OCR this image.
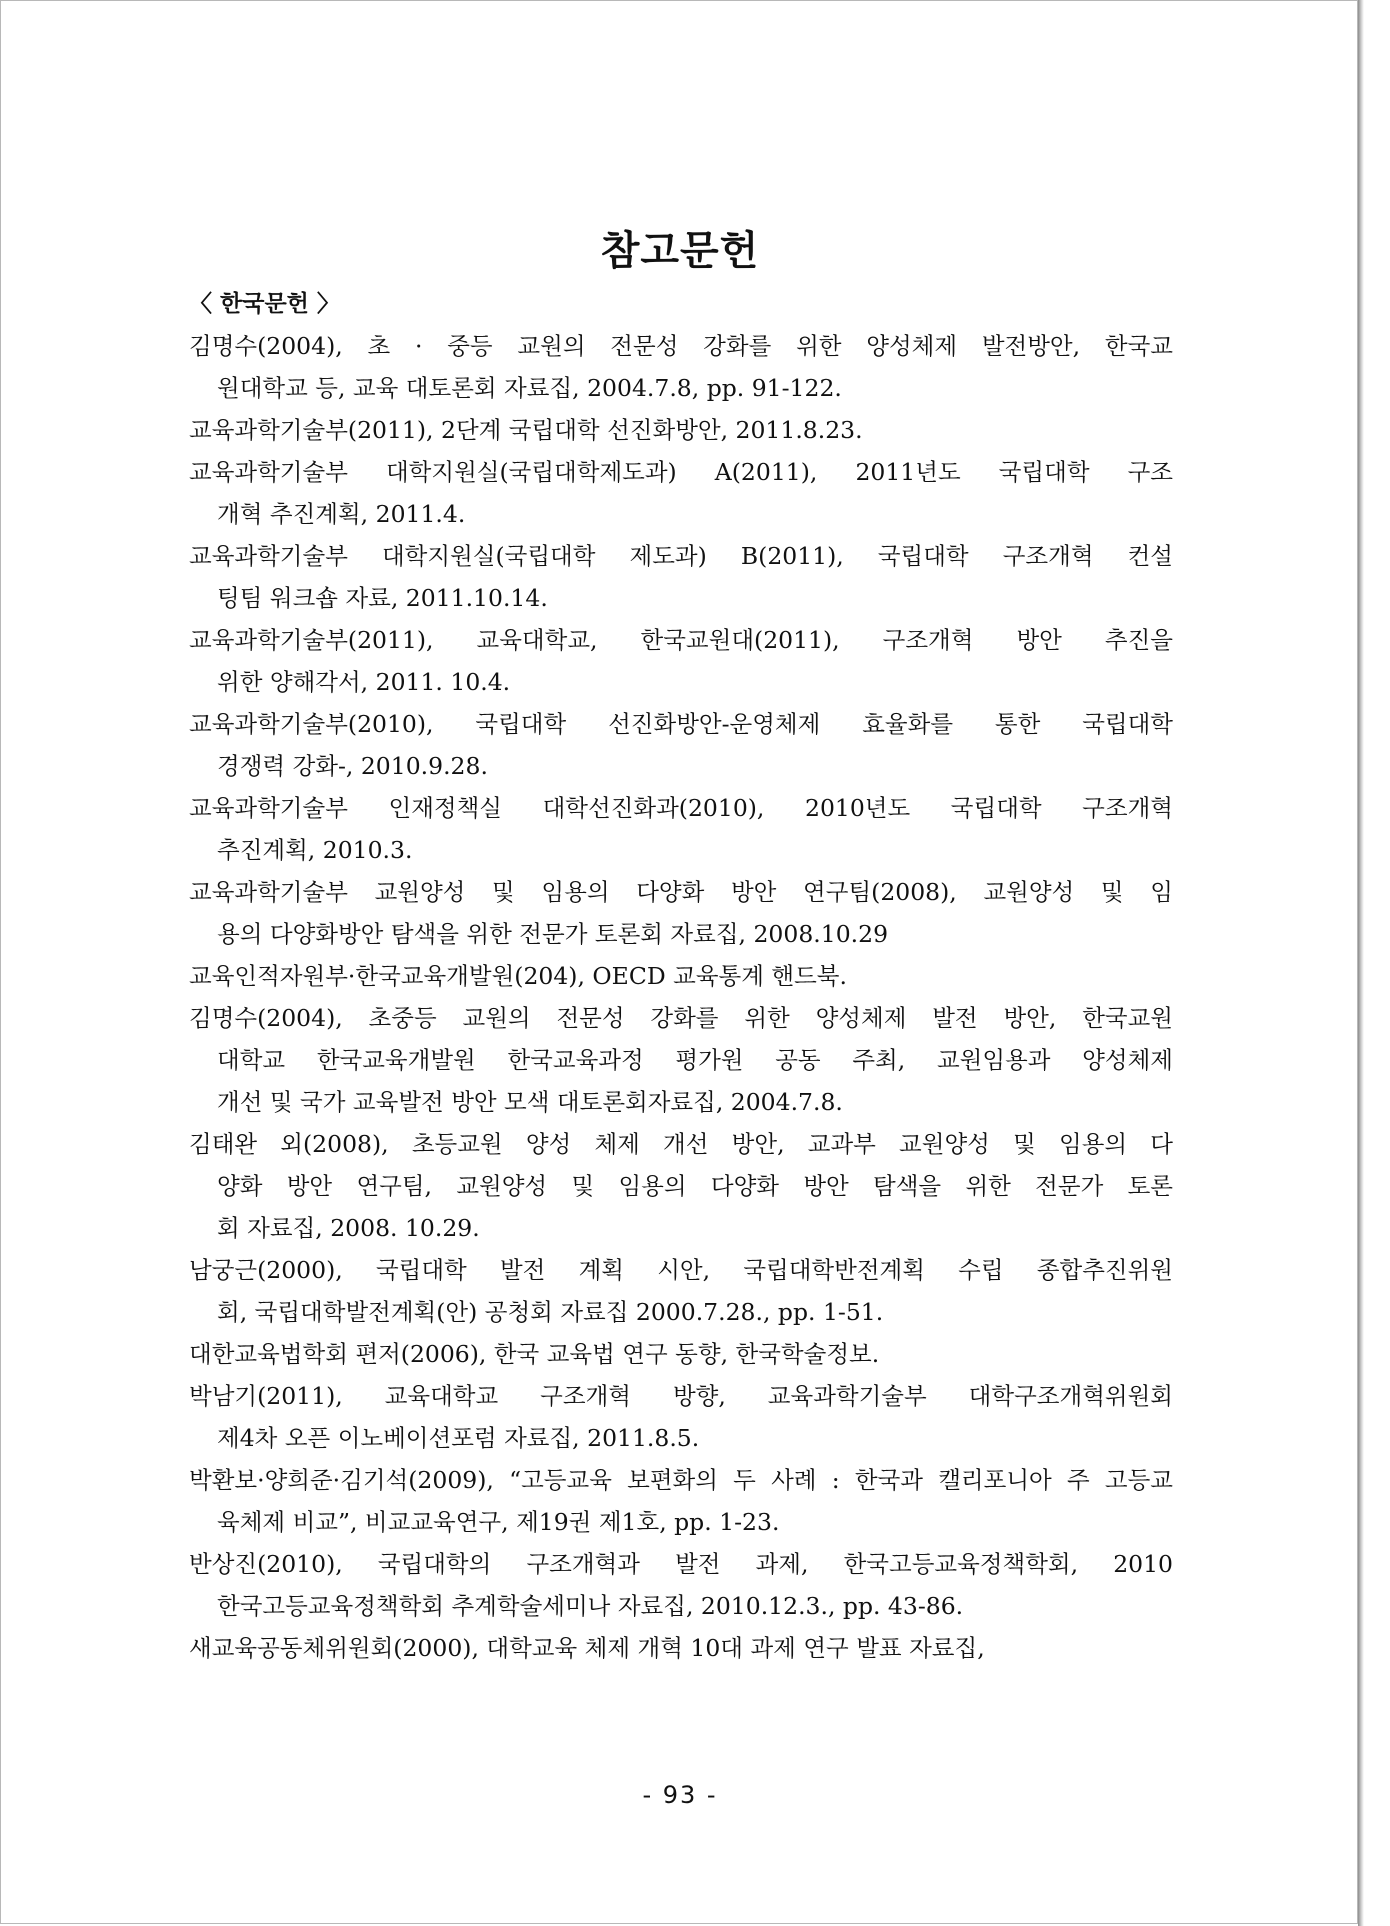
참고문헌
〈 한국문헌 〉
김명수(2004), 초 · 중등 교원의 전문성 강화를 위한 양성체제 발전방안, 한국교
원대학교 등, 교육 대토론회 자료집, 2004.7.8, pp. 91-122.
교육과학기술부(2011), 2단계 국립대학 선진화방안, 2011.8.23.
교육과학기술부 대학지원실(국립대학제도과) A(2011), 2011년도 국립대학 구조
개혁 추진계획, 2011.4.
교육과학기술부 대학지원실(국립대학 제도과) B(2011), 국립대학 구조개혁 컨설
팅팀 워크숍 자료, 2011.10.14.
교육과학기술부(2011), 교육대학교, 한국교원대(2011), 구조개혁 방안 추진을
위한 양해각서, 2011. 10.4.
교육과학기술부(2010), 국립대학 선진화방안-운영체제 효율화를 통한 국립대학
경쟁력 강화-, 2010.9.28.
교육과학기술부 인재정책실 대학선진화과(2010), 2010년도 국립대학 구조개혁
추진계획, 2010.3.
교육과학기술부 교원양성 및 임용의 다양화 방안 연구팀(2008), 교원양성 및 임
용의 다양화방안 탐색을 위한 전문가 토론회 자료집, 2008.10.29
교육인적자원부·한국교육개발원(204), OECD 교육통계 핸드북.
김명수(2004), 초중등 교원의 전문성 강화를 위한 양성체제 발전 방안, 한국교원
대학교 한국교육개발원 한국교육과정 평가원 공동 주최, 교원임용과 양성체제
개선 및 국가 교육발전 방안 모색 대토론회자료집, 2004.7.8.
김태완 외(2008), 초등교원 양성 체제 개선 방안, 교과부 교원양성 및 임용의 다
양화 방안 연구팀, 교원양성 및 임용의 다양화 방안 탐색을 위한 전문가 토론
회 자료집, 2008. 10.29.
남궁근(2000), 국립대학 발전 계획 시안, 국립대학반전계획 수립 종합추진위원
회, 국립대학발전계획(안) 공청회 자료집 2000.7.28., pp. 1-51.
대한교육법학회 편저(2006), 한국 교육법 연구 동향, 한국학술정보.
박남기(2011), 교육대학교 구조개혁 방향, 교육과학기술부 대학구조개혁위원회
제4차 오픈 이노베이션포럼 자료집, 2011.8.5.
박환보·양희준·김기석(2009), “고등교육 보편화의 두 사례 : 한국과 캘리포니아 주 고등교
육체제 비교”, 비교교육연구, 제19권 제1호, pp. 1-23.
반상진(2010), 국립대학의 구조개혁과 발전 과제, 한국고등교육정책학회, 2010
한국고등교육정책학회 추계학술세미나 자료집, 2010.12.3., pp. 43-86.
새교육공동체위원회(2000), 대학교육 체제 개혁 10대 과제 연구 발표 자료집,
- 93 -
